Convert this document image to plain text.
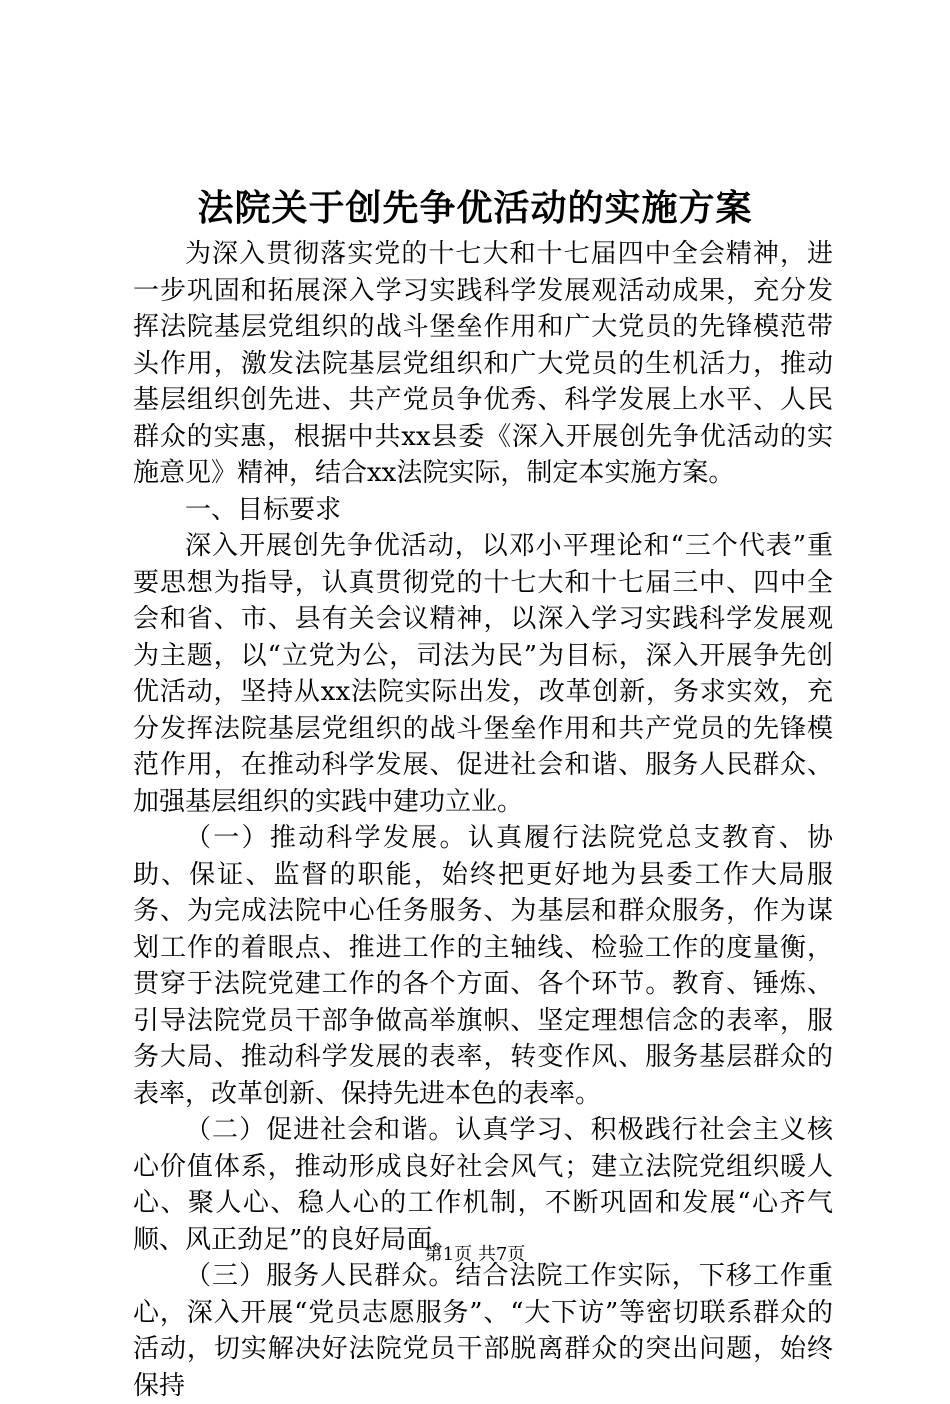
法院关于创先争优活动的实施方案

为深入贯彻落实党的十七大和十七届四中全会精神，进一步巩固和拓展深入学习实践科学发展观活动成果，充分发挥法院基层党组织的战斗堡垒作用和广大党员的先锋模范带头作用，激发法院基层党组织和广大党员的生机活力，推动基层组织创先进、共产党员争优秀、科学发展上水平、人民群众的实惠，根据中共xx县委《深入开展创先争优活动的实施意见》精神，结合xx法院实际，制定本实施方案。

一、目标要求

深入开展创先争优活动，以邓小平理论和“三个代表”重要思想为指导，认真贯彻党的十七大和十七届三中、四中全会和省、市、县有关会议精神，以深入学习实践科学发展观为主题，以“立党为公，司法为民”为目标，深入开展争先创优活动，坚持从xx法院实际出发，改革创新，务求实效，充分发挥法院基层党组织的战斗堡垒作用和共产党员的先锋模范作用，在推动科学发展、促进社会和谐、服务人民群众、加强基层组织的实践中建功立业。

（一）推动科学发展。认真履行法院党总支教育、协助、保证、监督的职能，始终把更好地为县委工作大局服务、为完成法院中心任务服务、为基层和群众服务，作为谋划工作的着眼点、推进工作的主轴线、检验工作的度量衡，贯穿于法院党建工作的各个方面、各个环节。教育、锤炼、引导法院党员干部争做高举旗帜、坚定理想信念的表率，服务大局、推动科学发展的表率，转变作风、服务基层群众的表率，改革创新、保持先进本色的表率。

（二）促进社会和谐。认真学习、积极践行社会主义核心价值体系，推动形成良好社会风气；建立法院党组织暖人心、聚人心、稳人心的工作机制，不断巩固和发展“心齐气顺、风正劲足”的良好局面。

（三）服务人民群众。结合法院工作实际，下移工作重心，深入开展“党员志愿服务”、“大下访”等密切联系群众的活动，切实解决好法院党员干部脱离群众的突出问题，始终保持

第1页 共7页
